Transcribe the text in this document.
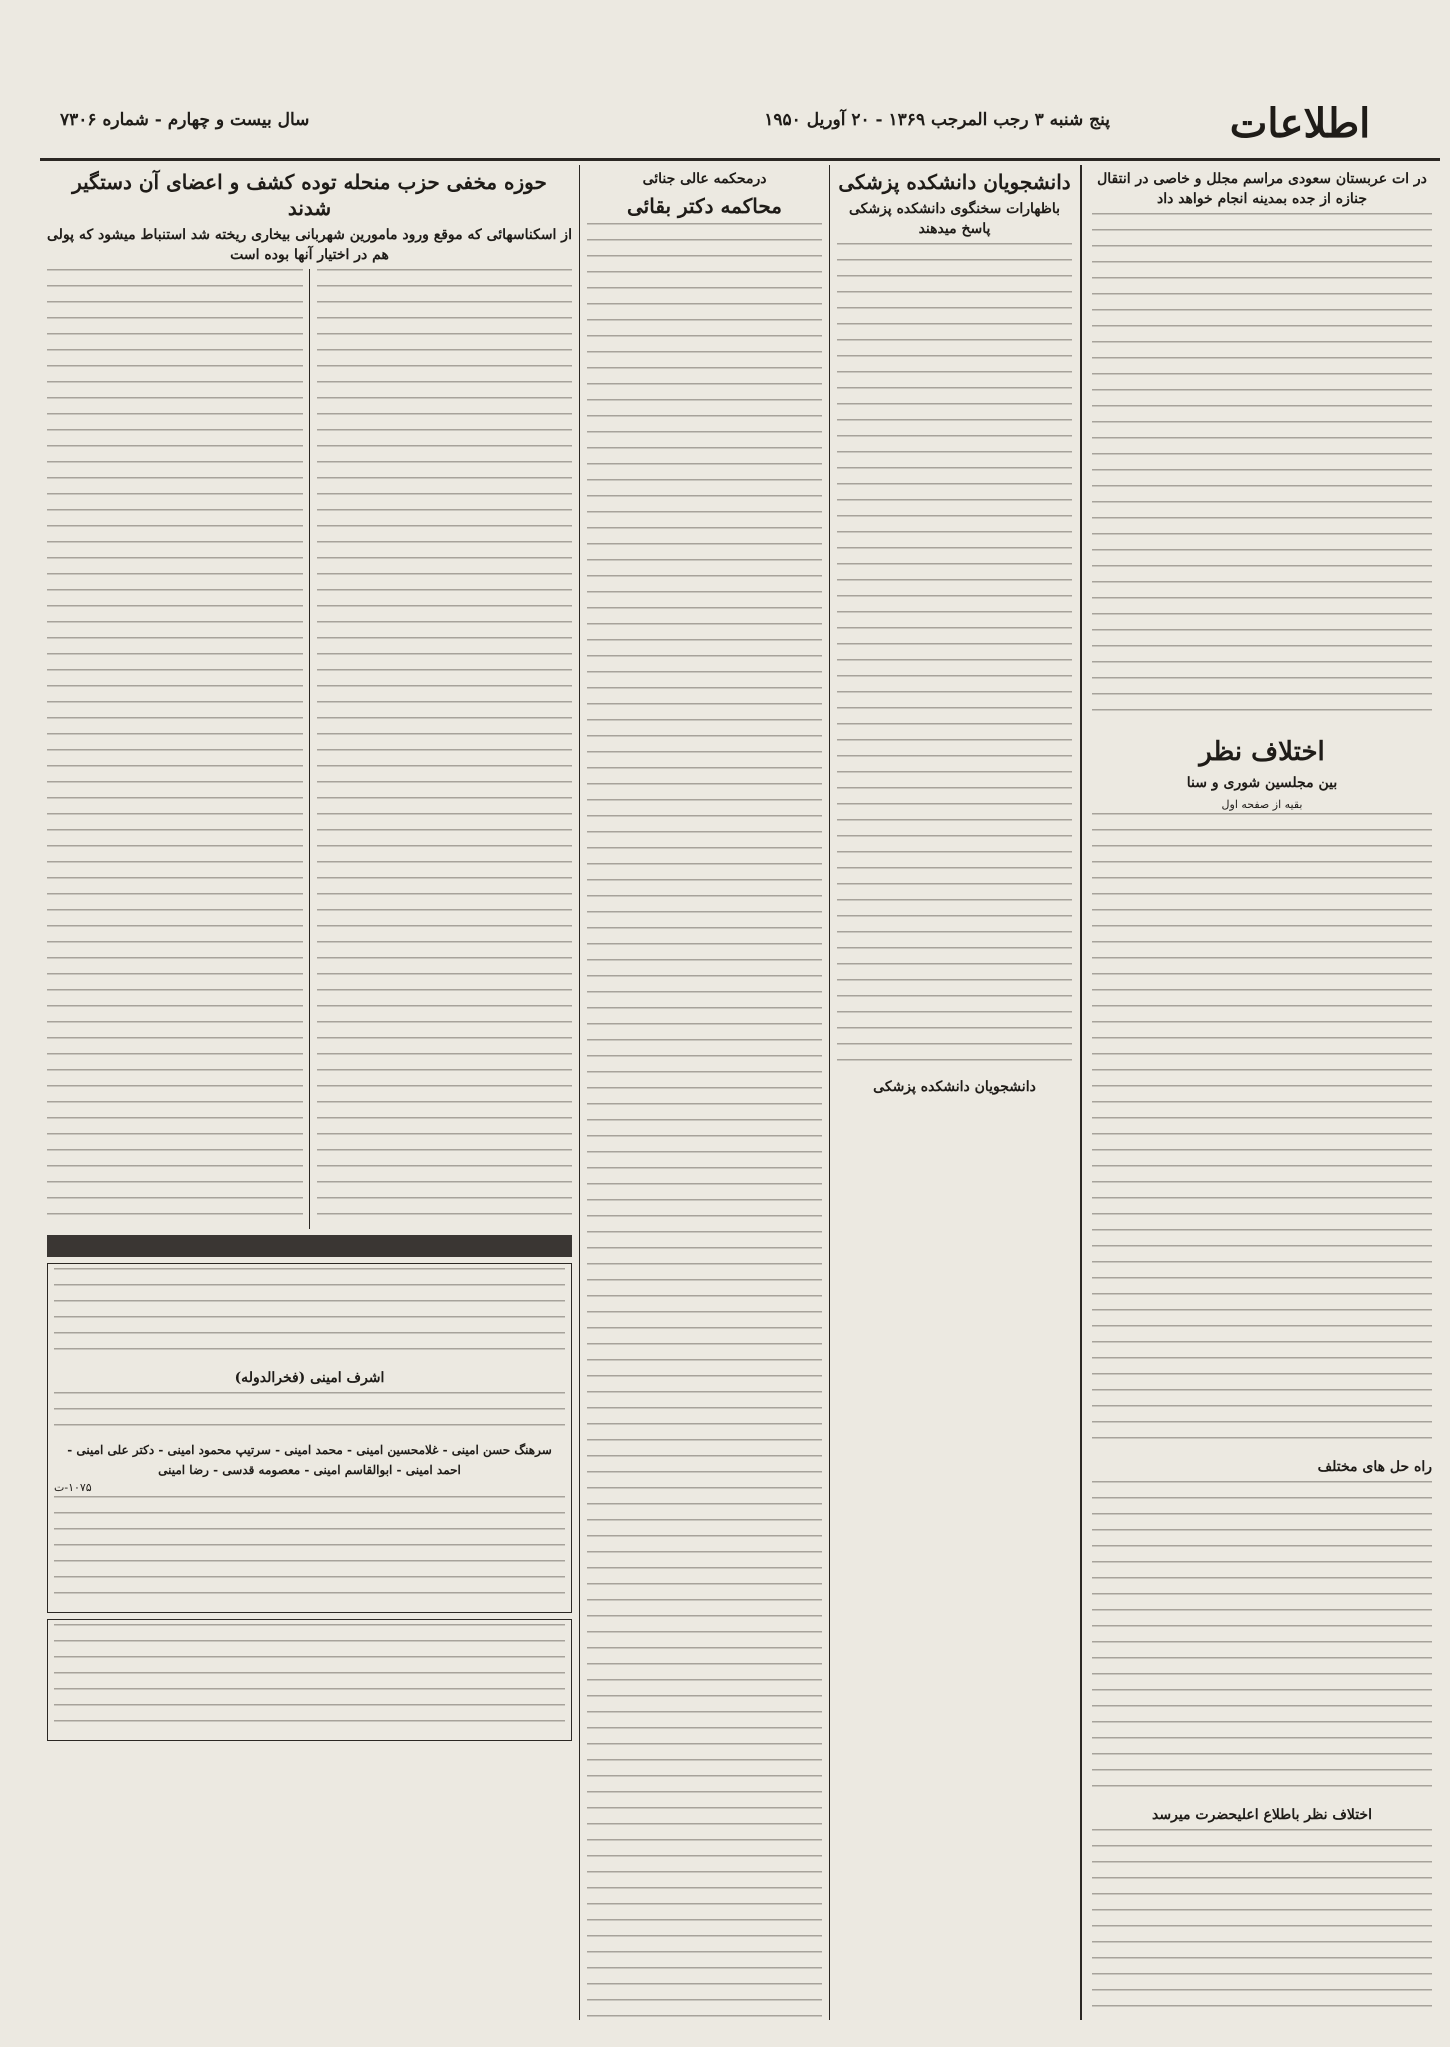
اطلاعات
پنج شنبه ۳ رجب المرجب ۱۳۶۹ - ۲۰ آوریل ۱۹۵۰
سال بیست و چهارم - شماره ۷۳۰۶
در ات عربستان سعودی مراسم مجلل و خاصی در انتقال جنازه از جده بمدینه انجام خواهد داد
اختلاف نظر
بین مجلسین شوری و سنا
بقیه از صفحه اول
راه حل های مختلف
اختلاف نظر باطلاع اعلیحضرت میرسد
دانشجویان دانشکده پزشکی
باظهارات سخنگوی دانشکده پزشکی پاسخ میدهند
دانشجویان دانشکده پزشکی
درمحکمه عالی جنائی
محاکمه دکتر بقائی
حوزه مخفی حزب منحله توده کشف و اعضای آن دستگیر شدند
از اسکناسهائی که موقع ورود مامورین شهربانی بیخاری ریخته شد استنباط میشود که پولی هم در اختیار آنها بوده است

اشرف امینی (فخرالدوله)
سرهنگ حسن امینی - غلامحسین امینی - محمد امینی - سرتیپ محمود امینی - دکتر علی امینی - احمد امینی - ابوالقاسم امینی - معصومه قدسی - رضا امینی
۱۰۷۵-ت
